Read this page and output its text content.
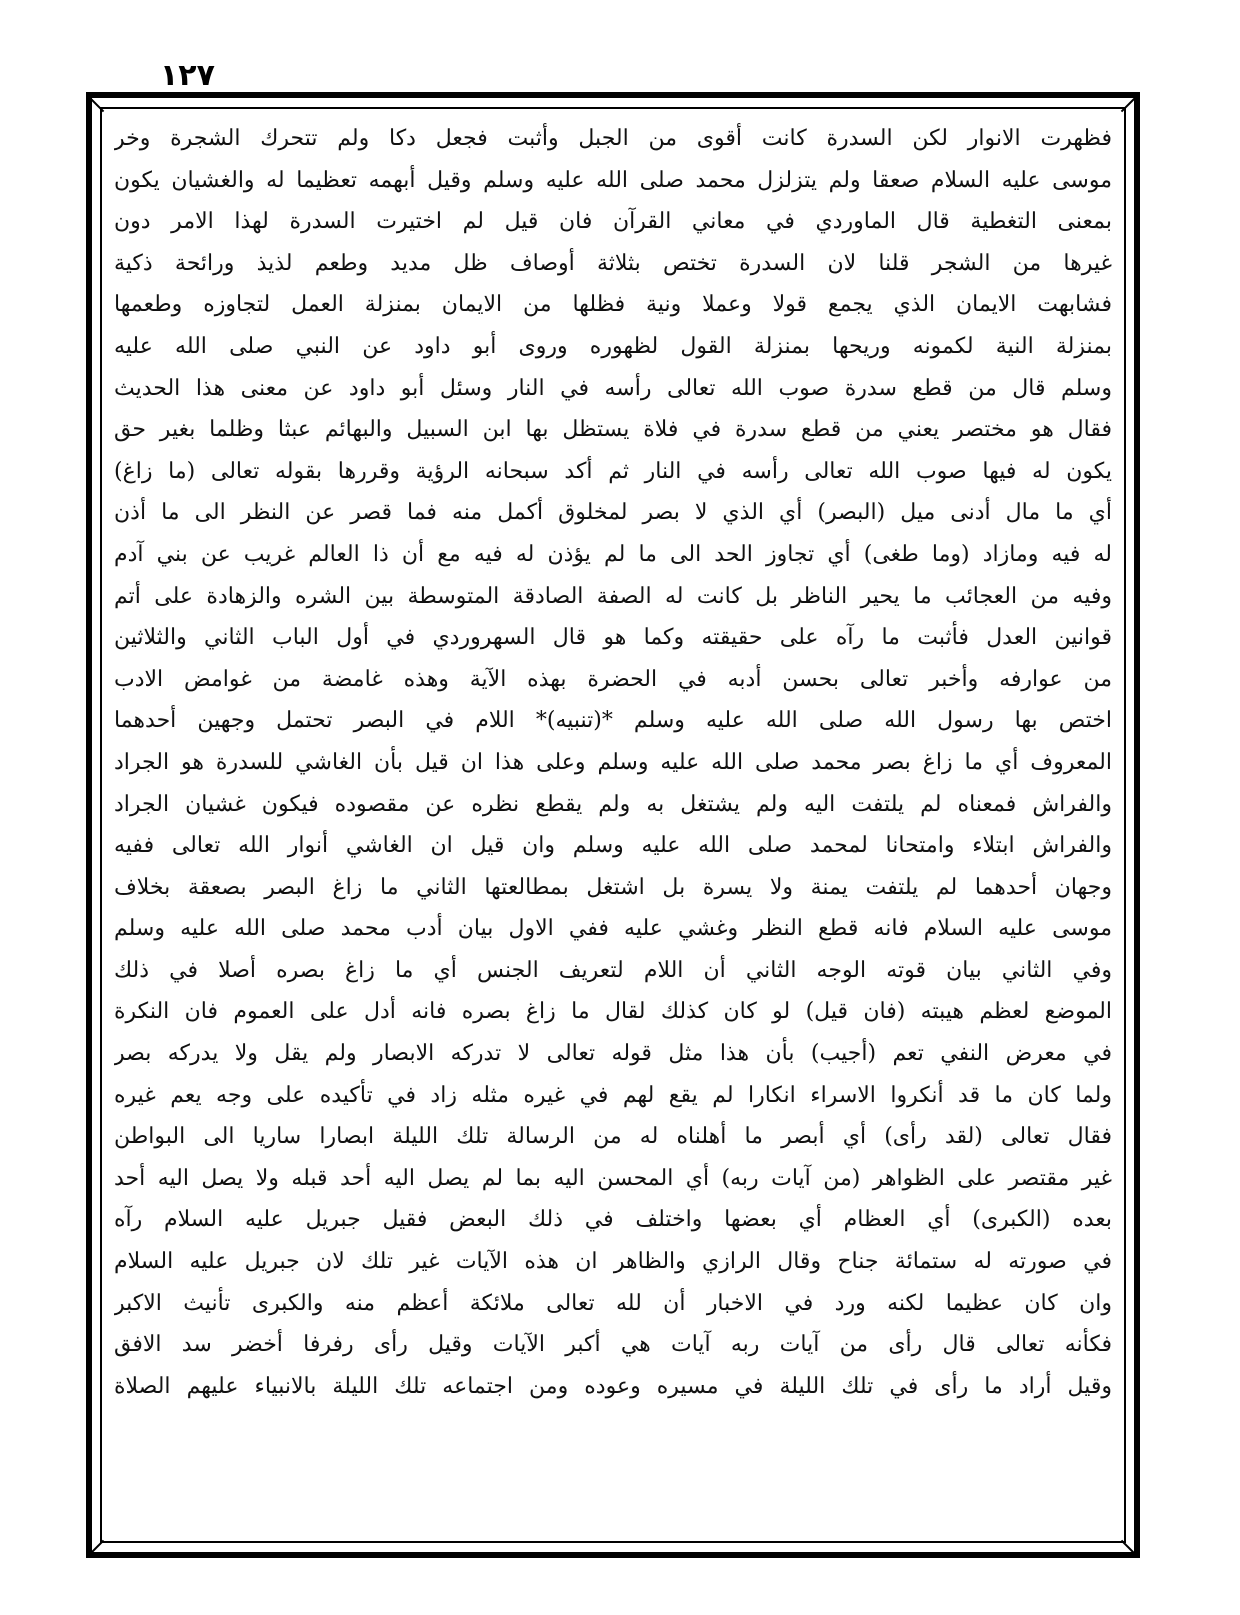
١٢٧
فظهرت الانوار لكن السدرة كانت أقوى من الجبل وأثبت فجعل دكا ولم تتحرك الشجرة وخر
موسى عليه السلام صعقا ولم يتزلزل محمد صلى الله عليه وسلم وقيل أبهمه تعظيما له والغشيان يكون
بمعنى التغطية قال الماوردي في معاني القرآن فان قيل لم اختيرت السدرة لهذا الامر دون
غيرها من الشجر قلنا لان السدرة تختص بثلاثة أوصاف ظل مديد وطعم لذيذ ورائحة ذكية
فشابهت الايمان الذي يجمع قولا وعملا ونية فظلها من الايمان بمنزلة العمل لتجاوزه وطعمها
بمنزلة النية لكمونه وريحها بمنزلة القول لظهوره وروى أبو داود عن النبي صلى الله عليه
وسلم قال من قطع سدرة صوب الله تعالى رأسه في النار وسئل أبو داود عن معنى هذا الحديث
فقال هو مختصر يعني من قطع سدرة في فلاة يستظل بها ابن السبيل والبهائم عبثا وظلما بغير حق
يكون له فيها صوب الله تعالى رأسه في النار ثم أكد سبحانه الرؤية وقررها بقوله تعالى (ما زاغ)
أي ما مال أدنى ميل (البصر) أي الذي لا بصر لمخلوق أكمل منه فما قصر عن النظر الى ما أذن
له فيه ومازاد (وما طغى) أي تجاوز الحد الى ما لم يؤذن له فيه مع أن ذا العالم غريب عن بني آدم
وفيه من العجائب ما يحير الناظر بل كانت له الصفة الصادقة المتوسطة بين الشره والزهادة على أتم
قوانين العدل فأثبت ما رآه على حقيقته وكما هو قال السهروردي في أول الباب الثاني والثلاثين
من عوارفه وأخبر تعالى بحسن أدبه في الحضرة بهذه الآية وهذه غامضة من غوامض الادب
اختص بها رسول الله صلى الله عليه وسلم *(تنبيه)* اللام في البصر تحتمل وجهين أحدهما
المعروف أي ما زاغ بصر محمد صلى الله عليه وسلم وعلى هذا ان قيل بأن الغاشي للسدرة هو الجراد
والفراش فمعناه لم يلتفت اليه ولم يشتغل به ولم يقطع نظره عن مقصوده فيكون غشيان الجراد
والفراش ابتلاء وامتحانا لمحمد صلى الله عليه وسلم وان قيل ان الغاشي أنوار الله تعالى ففيه
وجهان أحدهما لم يلتفت يمنة ولا يسرة بل اشتغل بمطالعتها الثاني ما زاغ البصر بصعقة بخلاف
موسى عليه السلام فانه قطع النظر وغشي عليه ففي الاول بيان أدب محمد صلى الله عليه وسلم
وفي الثاني بيان قوته الوجه الثاني أن اللام لتعريف الجنس أي ما زاغ بصره أصلا في ذلك
الموضع لعظم هيبته (فان قيل) لو كان كذلك لقال ما زاغ بصره فانه أدل على العموم فان النكرة
في معرض النفي تعم (أجيب) بأن هذا مثل قوله تعالى لا تدركه الابصار ولم يقل ولا يدركه بصر
ولما كان ما قد أنكروا الاسراء انكارا لم يقع لهم في غيره مثله زاد في تأكيده على وجه يعم غيره
فقال تعالى (لقد رأى) أي أبصر ما أهلناه له من الرسالة تلك الليلة ابصارا ساريا الى البواطن
غير مقتصر على الظواهر (من آيات ربه) أي المحسن اليه بما لم يصل اليه أحد قبله ولا يصل اليه أحد
بعده (الكبرى) أي العظام أي بعضها واختلف في ذلك البعض فقيل جبريل عليه السلام رآه
في صورته له ستمائة جناح وقال الرازي والظاهر ان هذه الآيات غير تلك لان جبريل عليه السلام
وان كان عظيما لكنه ورد في الاخبار أن لله تعالى ملائكة أعظم منه والكبرى تأنيث الاكبر
فكأنه تعالى قال رأى من آيات ربه آيات هي أكبر الآيات وقيل رأى رفرفا أخضر سد الافق
وقيل أراد ما رأى في تلك الليلة في مسيره وعوده ومن اجتماعه تلك الليلة بالانبياء عليهم الصلاة
